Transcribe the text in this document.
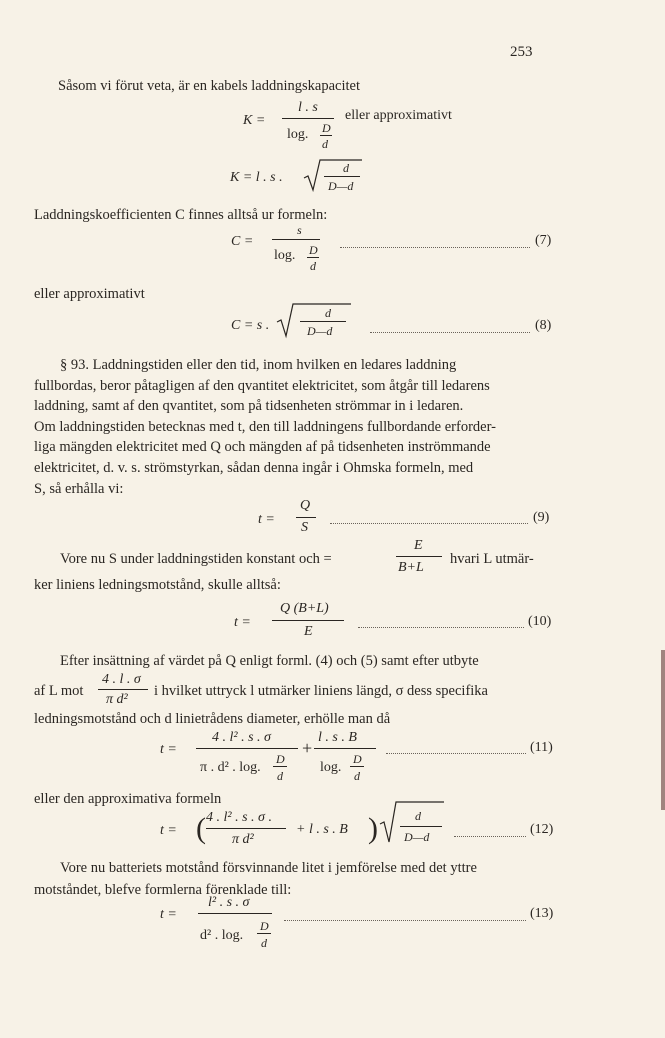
253
Såsom vi förut veta, är en kabels laddningskapacitet
K =
l . s
log. D
d
eller approximativt
K = l . s .
d
D—d
Laddningskoefficienten C finnes alltså ur formeln:
C =
s
log. D
d
(7)
eller approximativt
C = s .
d
D—d	(8)
§ 93. Laddningstiden eller den tid, inom hvilken en ledares laddning
fullbordas, beror påtagligen af den qvantitet elektricitet, som åtgår till ledarens
laddning, samt af den qvantitet, som på tidsenheten strömmar in i ledaren.
Om laddningstiden betecknas med t, den till laddningens fullbordande erforder-
liga mängden elektricitet med Q och mängden af på tidsenheten inströmmande
elektricitet, d. v. s. strömstyrkan, sådan denna ingår i Ohmska formeln, med
S, så erhålla vi:
t =
Q
S
(9)
Vore nu S under laddningstiden konstant och =
E
B+L
hvari L utmär-
ker liniens ledningsmotstånd, skulle alltså:
t =
Q (B+L)
E
(10)
Efter insättning af värdet på Q enligt forml. (4) och (5) samt efter utbyte
af L mot
4 . l . σ
π d²
i hvilket uttryck l utmärker liniens längd, σ dess specifika
ledningsmotstånd och d linietrådens diameter, erhölle man då
t =
4 . l² . s . σ
π . d² . log.
D
d
+
l . s . B
log.
D
d
(11)
eller den approximativa formeln
t = ( 4 . l² . s . σ .
π d²
+ l . s . B )	d
D—d	(12)
Vore nu batteriets motstånd försvinnande litet i jemförelse med det yttre
motståndet, blefve formlerna förenklade till:
t =
l² . s . σ
d² . log.
D
d
(13)
